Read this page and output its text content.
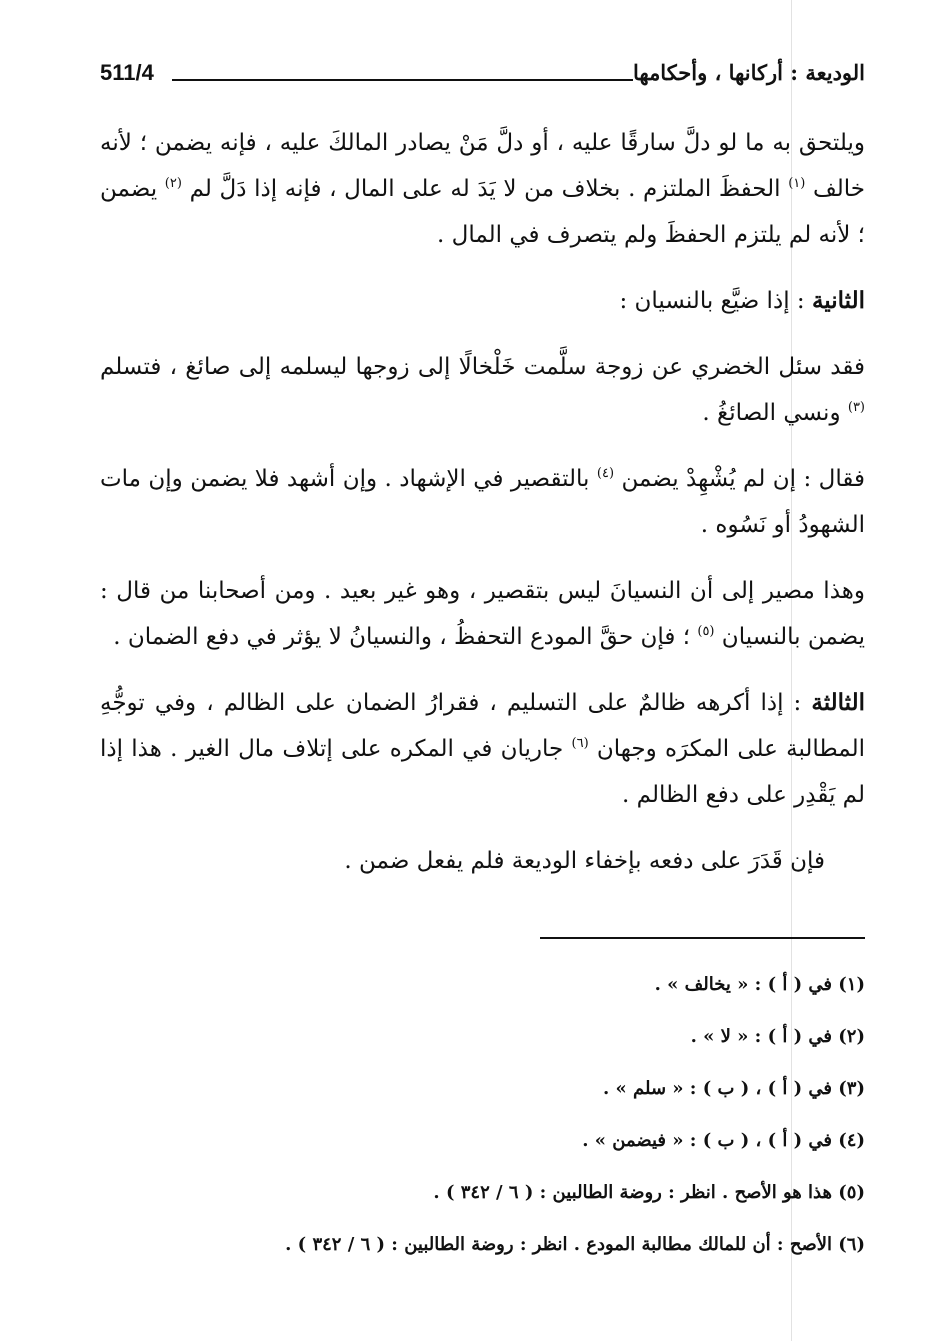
الوديعة : أركانها ، وأحكامها
511/4

ويلتحق به ما لو دلَّ سارقًا عليه ، أو دلَّ مَنْ يصادر المالكَ عليه ، فإنه يضمن ؛ لأنه خالف $^{(١)}$ الحفظَ الملتزم . بخلاف من لا يَدَ له على المال ، فإنه إذا دَلَّ لم $^{(٢)}$ يضمن ؛ لأنه لم يلتزم الحفظَ ولم يتصرف في المال .

الثانية : إذا ضيَّع بالنسيان :

فقد سئل الخضري عن زوجة سلَّمت خَلْخالًا إلى زوجها ليسلمه إلى صائغ ، فتسلم $^{(٣)}$ ونسي الصائغُ .

فقال : إن لم يُشْهِدْ يضمن $^{(٤)}$ بالتقصير في الإشهاد . وإن أشهد فلا يضمن وإن مات الشهودُ أو نَسُوه .

وهذا مصير إلى أن النسيانَ ليس بتقصير ، وهو غير بعيد . ومن أصحابنا من قال : يضمن بالنسيان $^{(٥)}$ ؛ فإن حقَّ المودع التحفظُ ، والنسيانُ لا يؤثر في دفع الضمان .

الثالثة : إذا أكرهه ظالمٌ على التسليم ، فقرارُ الضمان على الظالم ، وفي توجُّهِ المطالبة على المكرَه وجهان $^{(٦)}$ جاريان في المكره على إتلاف مال الغير . هذا إذا لم يَقْدِر على دفع الظالم .

فإن قَدَرَ على دفعه بإخفاء الوديعة فلم يفعل ضمن .

(١) في ( أ ) : « يخالف » .
(٢) في ( أ ) : « لا » .
(٣) في ( أ ) ، ( ب ) : « سلم » .
(٤) في ( أ ) ، ( ب ) : « فيضمن » .
(٥) هذا هو الأصح . انظر : روضة الطالبين : ( ٦ / ٣٤٢ ) .
(٦) الأصح : أن للمالك مطالبة المودع . انظر : روضة الطالبين : ( ٦ / ٣٤٢ ) .
